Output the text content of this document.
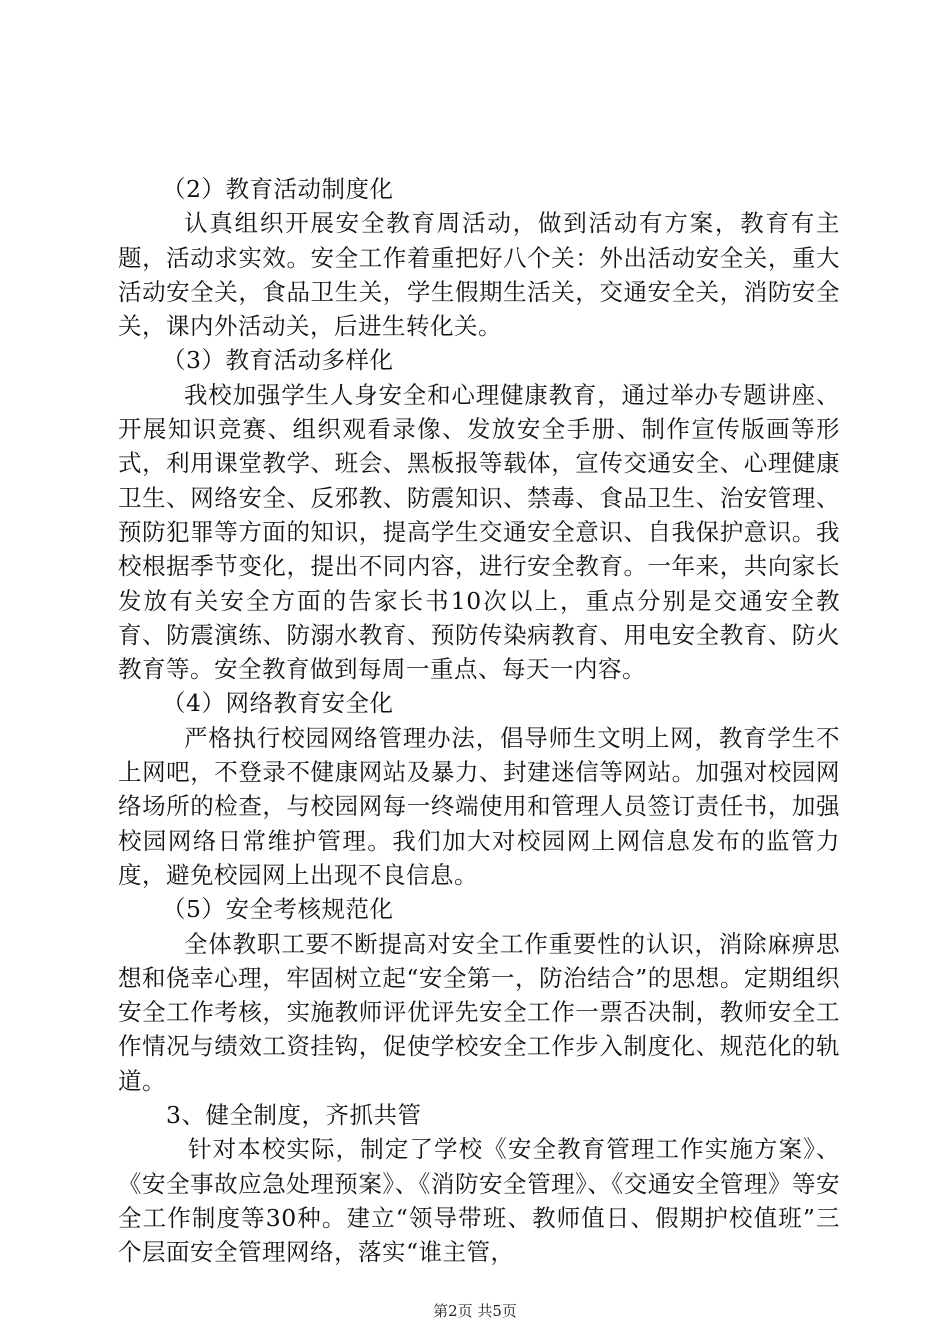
（2）教育活动制度化

认真组织开展安全教育周活动，做到活动有方案，教育有主题，活动求实效。安全工作着重把好八个关：外出活动安全关，重大活动安全关，食品卫生关，学生假期生活关，交通安全关，消防安全关，课内外活动关，后进生转化关。

（3）教育活动多样化

我校加强学生人身安全和心理健康教育，通过举办专题讲座、开展知识竞赛、组织观看录像、发放安全手册、制作宣传版画等形式，利用课堂教学、班会、黑板报等载体，宣传交通安全、心理健康卫生、网络安全、反邪教、防震知识、禁毒、食品卫生、治安管理、预防犯罪等方面的知识，提高学生交通安全意识、自我保护意识。我校根据季节变化，提出不同内容，进行安全教育。一年来，共向家长发放有关安全方面的告家长书10次以上，重点分别是交通安全教育、防震演练、防溺水教育、预防传染病教育、用电安全教育、防火教育等。安全教育做到每周一重点、每天一内容。

（4）网络教育安全化

严格执行校园网络管理办法，倡导师生文明上网，教育学生不上网吧，不登录不健康网站及暴力、封建迷信等网站。加强对校园网络场所的检查，与校园网每一终端使用和管理人员签订责任书，加强校园网络日常维护管理。我们加大对校园网上网信息发布的监管力度，避免校园网上出现不良信息。

（5）安全考核规范化

全体教职工要不断提高对安全工作重要性的认识，消除麻痹思想和侥幸心理，牢固树立起“安全第一，防治结合”的思想。定期组织安全工作考核，实施教师评优评先安全工作一票否决制，教师安全工作情况与绩效工资挂钩，促使学校安全工作步入制度化、规范化的轨道。

3、健全制度，齐抓共管

针对本校实际，制定了学校《安全教育管理工作实施方案》、《安全事故应急处理预案》、《消防安全管理》、《交通安全管理》等安全工作制度等30种。建立“领导带班、教师值日、假期护校值班”三个层面安全管理网络，落实“谁主管，

第2页 共5页
